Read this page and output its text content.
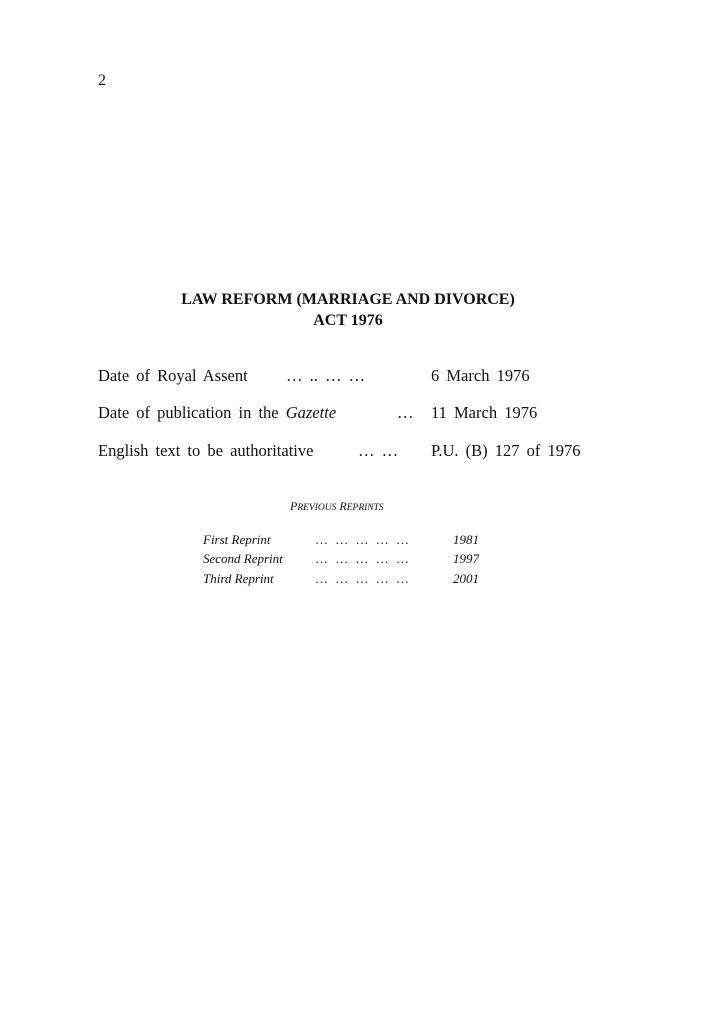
2
LAW REFORM (MARRIAGE AND DIVORCE)
ACT 1976
Date of Royal Assent … .. … …	6 March 1976
Date of publication in the Gazette	… 11 March 1976
English text to be authoritative	… … P.U. (B) 127 of 1976
PREVIOUS REPRINTS
First Reprint	… … … … …	1981
Second Reprint … … … … …	1997
Third Reprint	… … … … …	2001
